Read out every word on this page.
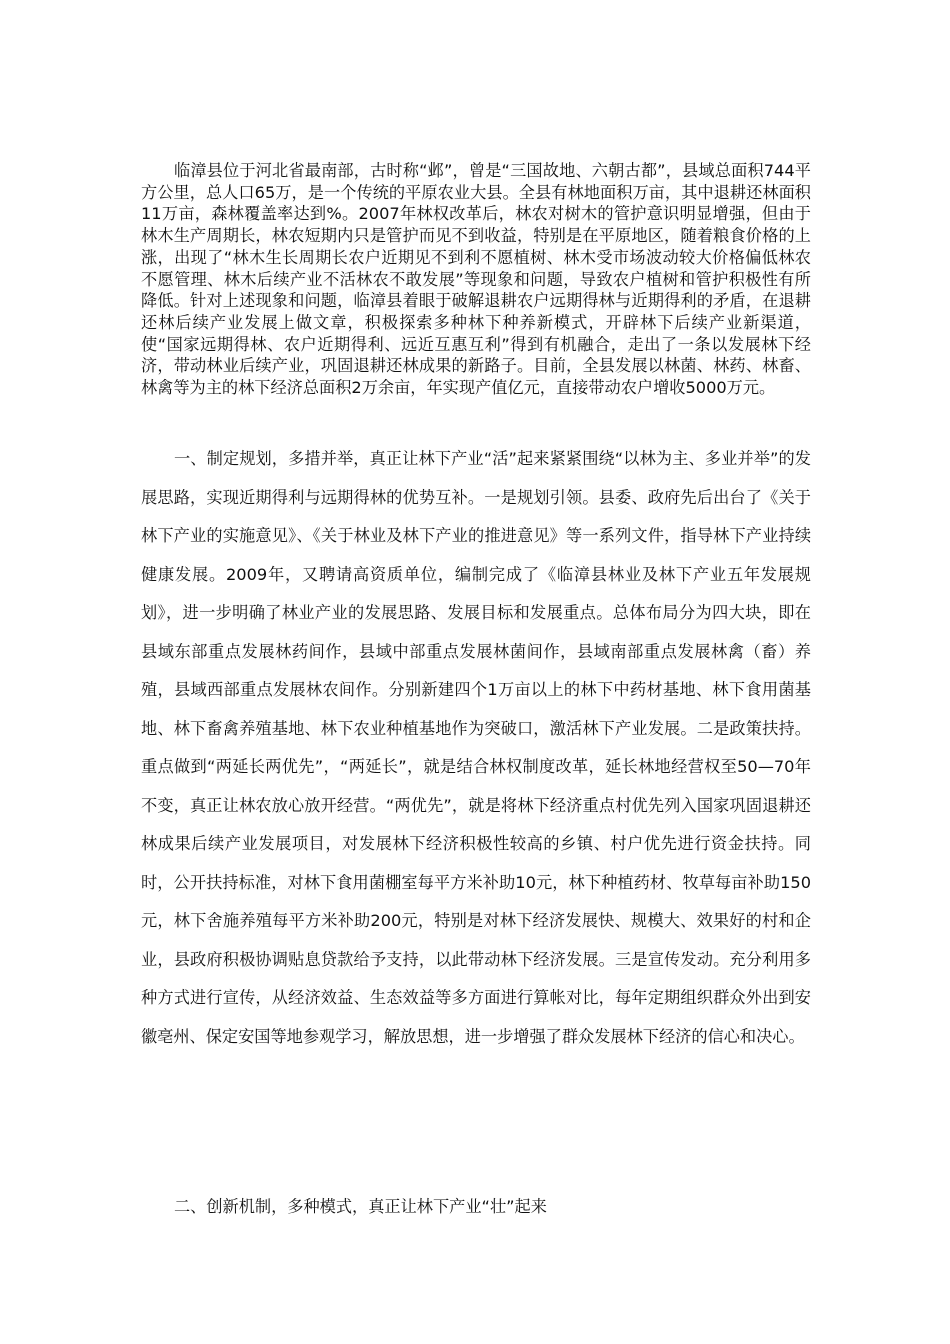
临漳县位于河北省最南部，古时称“邺”，曾是“三国故地、六朝古都”，县域总面积744平方公里，总人口65万，是一个传统的平原农业大县。全县有林地面积万亩，其中退耕还林面积11万亩，森林覆盖率达到%。2007年林权改革后，林农对树木的管护意识明显增强，但由于林木生产周期长，林农短期内只是管护而见不到收益，特别是在平原地区，随着粮食价格的上涨，出现了“林木生长周期长农户近期见不到利不愿植树、林木受市场波动较大价格偏低林农不愿管理、林木后续产业不活林农不敢发展”等现象和问题，导致农户植树和管护积极性有所降低。针对上述现象和问题，临漳县着眼于破解退耕农户远期得林与近期得利的矛盾，在退耕还林后续产业发展上做文章，积极探索多种林下种养新模式，开辟林下后续产业新渠道，使“国家远期得林、农户近期得利、远近互惠互利”得到有机融合，走出了一条以发展林下经济，带动林业后续产业，巩固退耕还林成果的新路子。目前，全县发展以林菌、林药、林畜、林禽等为主的林下经济总面积2万余亩，年实现产值亿元，直接带动农户增收5000万元。

一、制定规划，多措并举，真正让林下产业“活”起来紧紧围绕“以林为主、多业并举”的发展思路，实现近期得利与远期得林的优势互补。一是规划引领。县委、政府先后出台了《关于林下产业的实施意见》、《关于林业及林下产业的推进意见》等一系列文件，指导林下产业持续健康发展。2009年，又聘请高资质单位，编制完成了《临漳县林业及林下产业五年发展规划》，进一步明确了林业产业的发展思路、发展目标和发展重点。总体布局分为四大块，即在县域东部重点发展林药间作，县域中部重点发展林菌间作，县域南部重点发展林禽（畜）养殖，县域西部重点发展林农间作。分别新建四个1万亩以上的林下中药材基地、林下食用菌基地、林下畜禽养殖基地、林下农业种植基地作为突破口，激活林下产业发展。二是政策扶持。重点做到“两延长两优先”，“两延长”，就是结合林权制度改革，延长林地经营权至50—70年不变，真正让林农放心放开经营。“两优先”，就是将林下经济重点村优先列入国家巩固退耕还林成果后续产业发展项目，对发展林下经济积极性较高的乡镇、村户优先进行资金扶持。同时，公开扶持标准，对林下食用菌棚室每平方米补助10元，林下种植药材、牧草每亩补助150元，林下舍施养殖每平方米补助200元，特别是对林下经济发展快、规模大、效果好的村和企业，县政府积极协调贴息贷款给予支持，以此带动林下经济发展。三是宣传发动。充分利用多种方式进行宣传，从经济效益、生态效益等多方面进行算帐对比，每年定期组织群众外出到安徽亳州、保定安国等地参观学习，解放思想，进一步增强了群众发展林下经济的信心和决心。

二、创新机制，多种模式，真正让林下产业“壮”起来
